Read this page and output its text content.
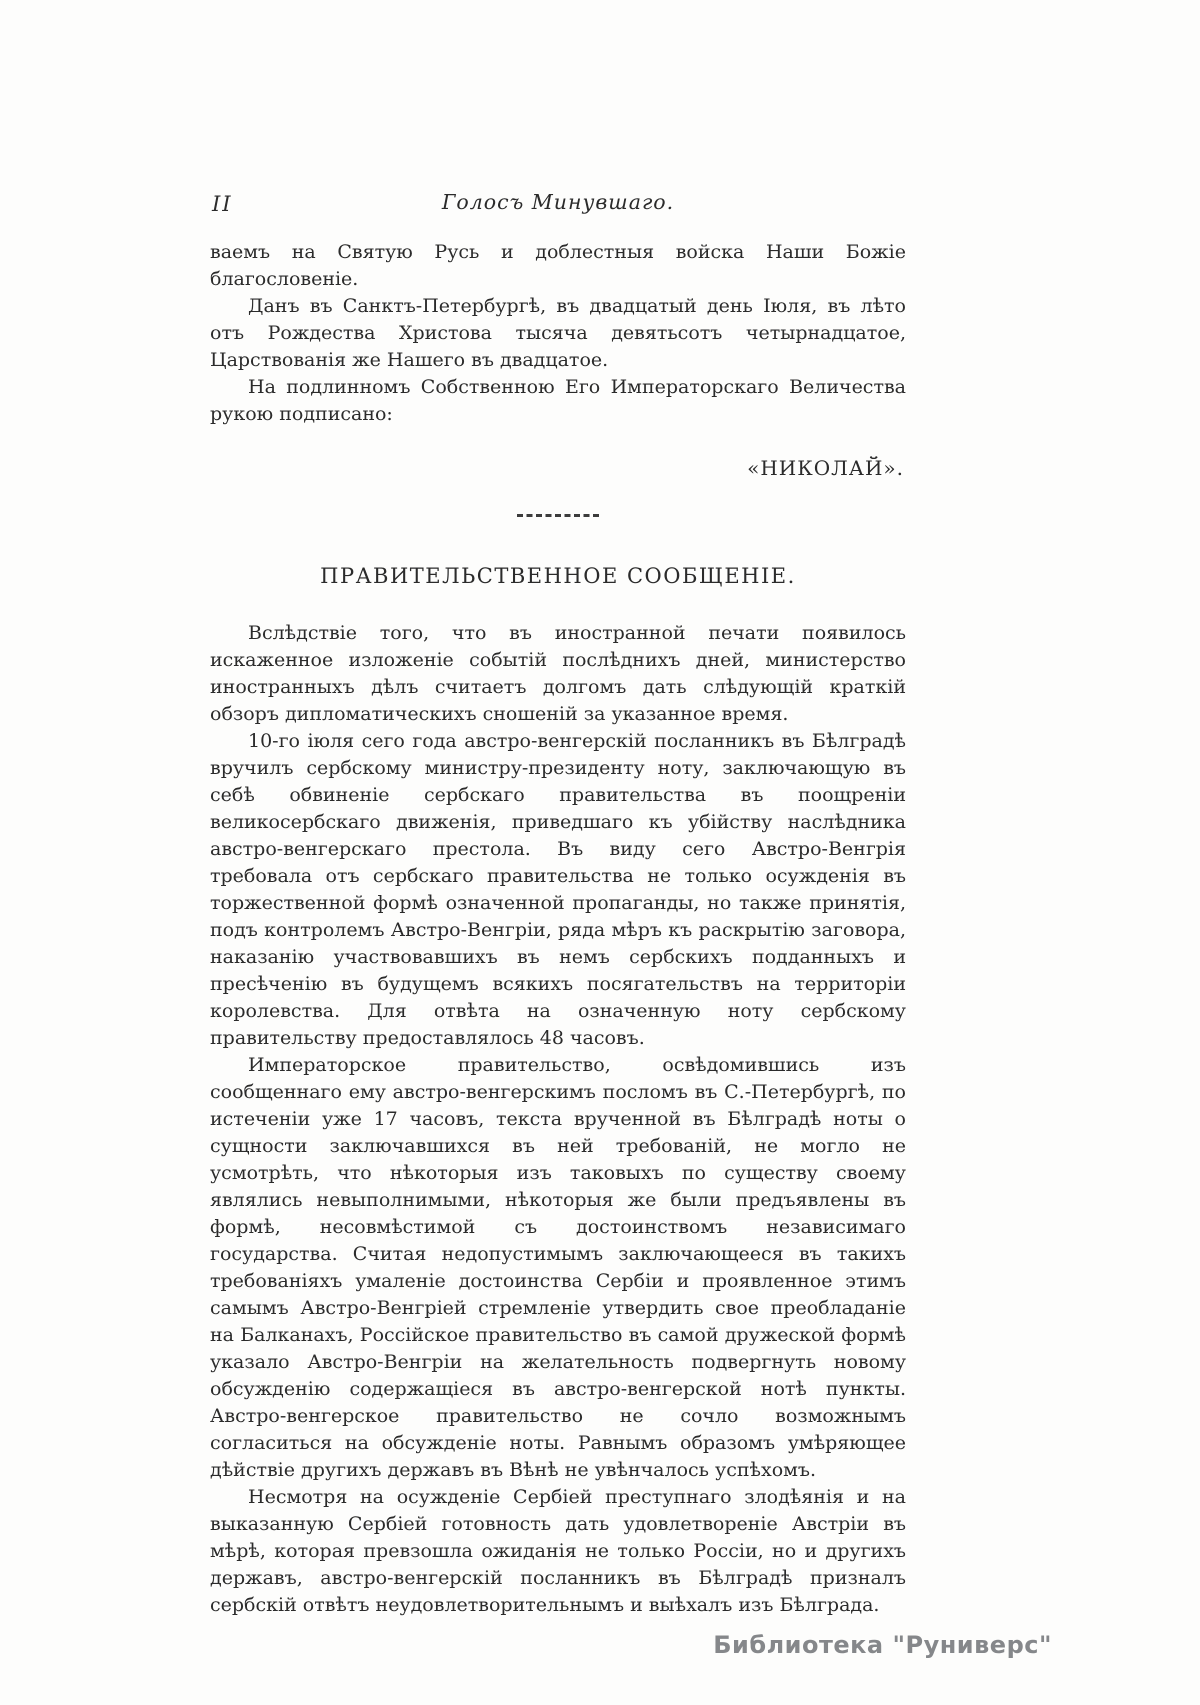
II	Голосъ Минувшаго.

ваемъ на Святую Русь и доблестныя войска Наши Божіе благословеніе.

Данъ въ Санктъ-Петербургѣ, въ двадцатый день Іюля, въ лѣто отъ Рождества Христова тысяча девятьсотъ четырнадцатое, Царствованія же Нашего въ двадцатое.

На подлинномъ Собственною Его Императорскаго Величества рукою подписано:

«НИКОЛАЙ».
ПРАВИТЕЛЬСТВЕННОЕ СООБЩЕНІЕ.

Вслѣдствіе того, что въ иностранной печати появилось искаженное изложеніе событій послѣднихъ дней, министерство иностранныхъ дѣлъ считаетъ долгомъ дать слѣдующій краткій обзоръ дипломатическихъ сношеній за указанное время.

10-го іюля сего года австро-венгерскій посланникъ въ Бѣлградѣ вручилъ сербскому министру-президенту ноту, заключающую въ себѣ обвиненіе сербскаго правительства въ поощреніи великосербскаго движенія, приведшаго къ убійству наслѣдника австро-венгерскаго престола. Въ виду сего Австро-Венгрія требовала отъ сербскаго правительства не только осужденія въ торжественной формѣ означенной пропаганды, но также принятія, подъ контролемъ Австро-Венгріи, ряда мѣръ къ раскрытію заговора, наказанію участвовавшихъ въ немъ сербскихъ подданныхъ и пресѣченію въ будущемъ всякихъ посягательствъ на территоріи королевства. Для отвѣта на означенную ноту сербскому правительству предоставлялось 48 часовъ.

Императорское правительство, освѣдомившись изъ сообщеннаго ему австро-венгерскимъ посломъ въ С.-Петербургѣ, по истеченіи уже 17 часовъ, текста врученной въ Бѣлградѣ ноты о сущности заключавшихся въ ней требованій, не могло не усмотрѣть, что нѣкоторыя изъ таковыхъ по существу своему являлись невыполнимыми, нѣкоторыя же были предъявлены въ формѣ, несовмѣстимой съ достоинствомъ независимаго государства. Считая недопустимымъ заключающееся въ такихъ требованіяхъ умаленіе достоинства Сербіи и проявленное этимъ самымъ Австро-Венгріей стремленіе утвердить свое преобладаніе на Балканахъ, Россійское правительство въ самой дружеской формѣ указало Австро-Венгріи на желательность подвергнуть новому обсужденію содержащіеся въ австро-венгерской нотѣ пункты. Австро-венгерское правительство не сочло возможнымъ согласиться на обсужденіе ноты. Равнымъ образомъ умѣряющее дѣйствіе другихъ державъ въ Вѣнѣ не увѣнчалось успѣхомъ.

Несмотря на осужденіе Сербіей преступнаго злодѣянія и на выказанную Сербіей готовность дать удовлетвореніе Австріи въ мѣрѣ, которая превзошла ожиданія не только Россіи, но и другихъ державъ, австро-венгерскій посланникъ въ Бѣлградѣ призналъ сербскій отвѣтъ неудовлетворительнымъ и выѣхалъ изъ Бѣлграда.

Библиотека "Руниверс"
